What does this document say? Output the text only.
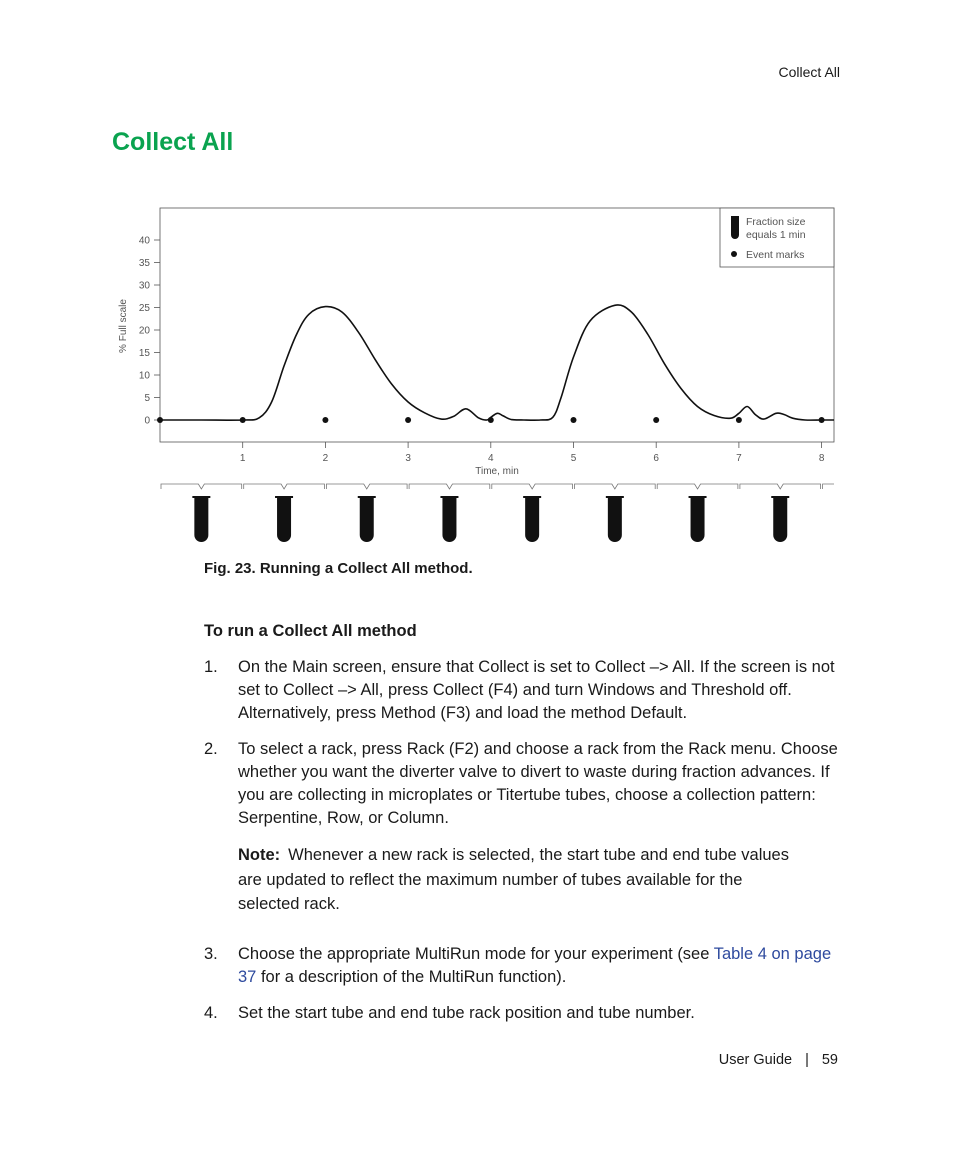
Collect All
Collect All
0
5
10
15
20
25
30
35
40
1	2	3	4	5	6	7	8
% Full scale
Time, min
Fraction size
equals 1 min
Event marks
Fig. 23. Running a Collect All method.
To run a Collect All method
1. On the Main screen, ensure that Collect is set to Collect –> All. If the screen is not set to Collect –> All, press Collect (F4) and turn Windows and Threshold off. Alternatively, press Method (F3) and load the method Default.
2. To select a rack, press Rack (F2) and choose a rack from the Rack menu. Choose whether you want the diverter valve to divert to waste during fraction advances. If you are collecting in microplates or Titertube tubes, choose a collection pattern: Serpentine, Row, or Column.
Note: Whenever a new rack is selected, the start tube and end tube values are updated to reflect the maximum number of tubes available for the selected rack.
3. Choose the appropriate MultiRun mode for your experiment (see Table 4 on page 37 for a description of the MultiRun function).
4. Set the start tube and end tube rack position and tube number.
User Guide | 59
